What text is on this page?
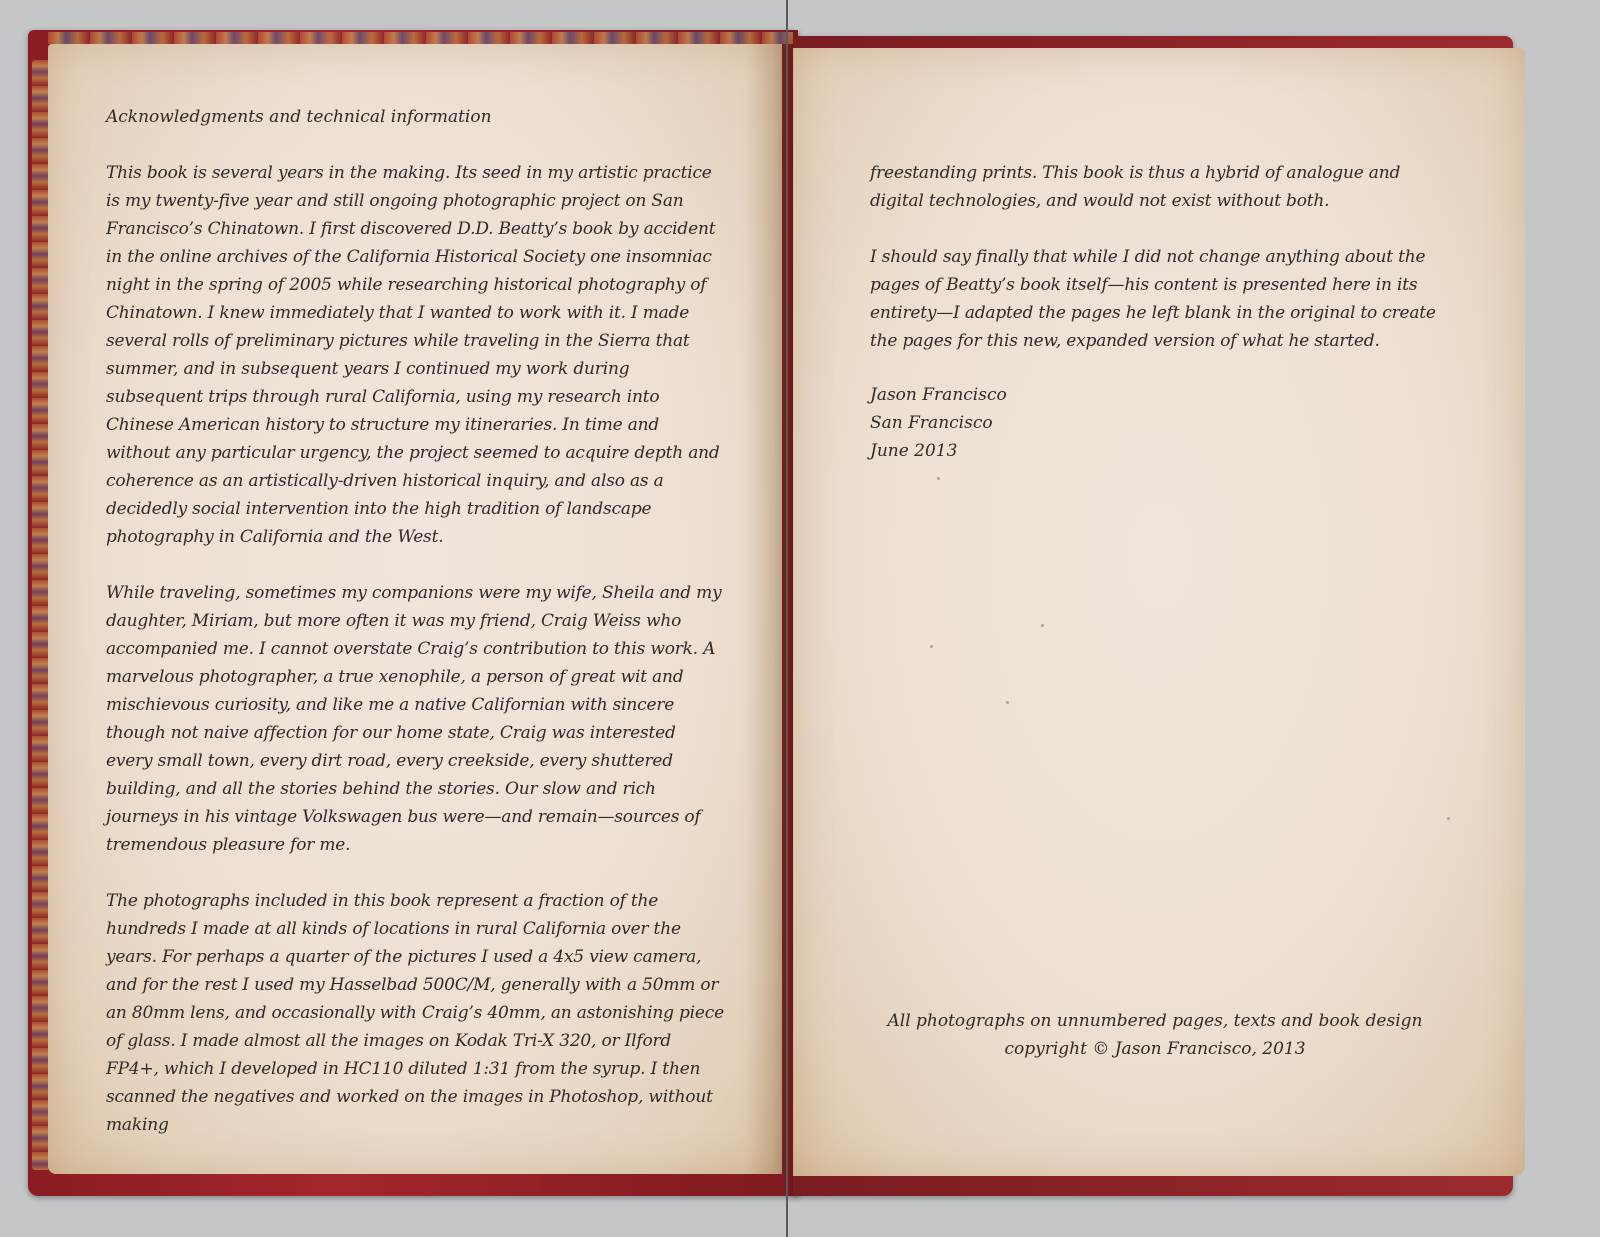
Acknowledgments and technical information

This book is several years in the making. Its seed in my artistic practice is my twenty-five year and still ongoing photographic project on San Francisco’s Chinatown. I first discovered D.D. Beatty’s book by accident in the online archives of the California Historical Society one insomniac night in the spring of 2005 while researching historical photography of Chinatown. I knew immediately that I wanted to work with it. I made several rolls of preliminary pictures while traveling in the Sierra that summer, and in subsequent years I continued my work during subsequent trips through rural California, using my research into Chinese American history to structure my itineraries. In time and without any particular urgency, the project seemed to acquire depth and coherence as an artistically-driven historical inquiry, and also as a decidedly social intervention into the high tradition of landscape photography in California and the West.

While traveling, sometimes my companions were my wife, Sheila and my daughter, Miriam, but more often it was my friend, Craig Weiss who accompanied me. I cannot overstate Craig’s contribution to this work. A marvelous photographer, a true xenophile, a person of great wit and mischievous curiosity, and like me a native Californian with sincere though not naive affection for our home state, Craig was interested every small town, every dirt road, every creekside, every shuttered building, and all the stories behind the stories. Our slow and rich journeys in his vintage Volkswagen bus were—and remain—sources of tremendous pleasure for me.

The photographs included in this book represent a fraction of the hundreds I made at all kinds of locations in rural California over the years. For perhaps a quarter of the pictures I used a 4x5 view camera, and for the rest I used my Hasselbad 500C/M, generally with a 50mm or an 80mm lens, and occasionally with Craig’s 40mm, an astonishing piece of glass. I made almost all the images on Kodak Tri-X 320, or Ilford FP4+, which I developed in HC110 diluted 1:31 from the syrup. I then scanned the negatives and worked on the images in Photoshop, without making

freestanding prints. This book is thus a hybrid of analogue and digital technologies, and would not exist without both.

I should say finally that while I did not change anything about the pages of Beatty’s book itself—his content is presented here in its entirety—I adapted the pages he left blank in the original to create the pages for this new, expanded version of what he started.

Jason Francisco
San Francisco
June 2013
All photographs on unnumbered pages, texts and book design
copyright © Jason Francisco, 2013
